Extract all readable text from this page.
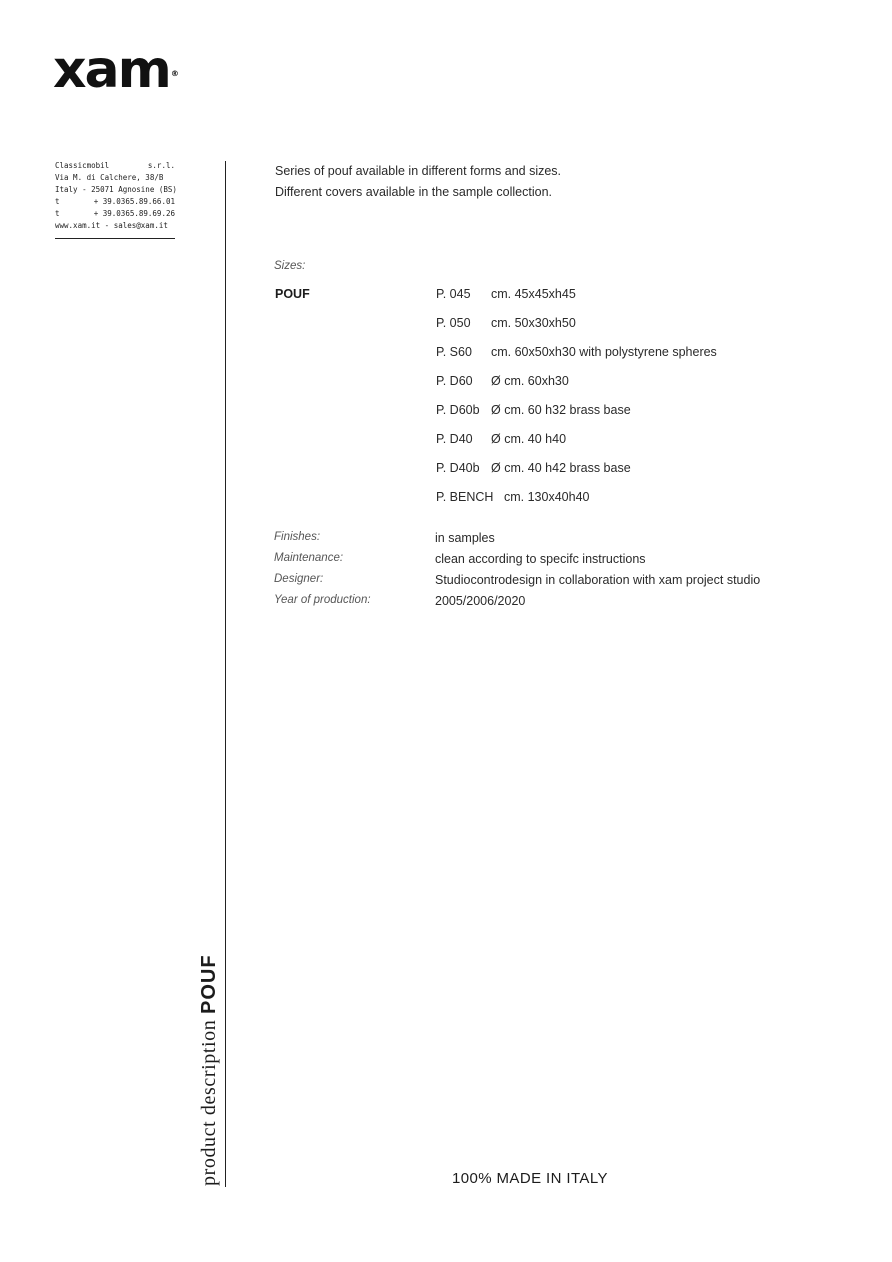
xam®
Classicmobil	s.r.l.
Via M. di Calchere, 38/B
Italy - 25071 Agnosine (BS)
t	+ 39.0365.89.66.01
t	+ 39.0365.89.69.26
www.xam.it - sales@xam.it
product description POUF
Series of pouf available in different forms and sizes.
Different covers available in the sample collection.
Sizes:
POUF	P. 045 cm. 45x45xh45
P. 050 cm. 50x30xh50
P. S60 cm. 60x50xh30 with polystyrene spheres
P. D60 Ø cm. 60xh30
P. D60b Ø cm. 60 h32 brass base
P. D40 Ø cm. 40 h40
P. D40b Ø cm. 40 h42 brass base
P. BENCH cm. 130x40h40
Finishes:	in samples
Maintenance:	clean according to specifc instructions
Designer:	Studiocontrodesign in collaboration with xam project studio
Year of production:	2005/2006/2020
100% MADE IN ITALY
